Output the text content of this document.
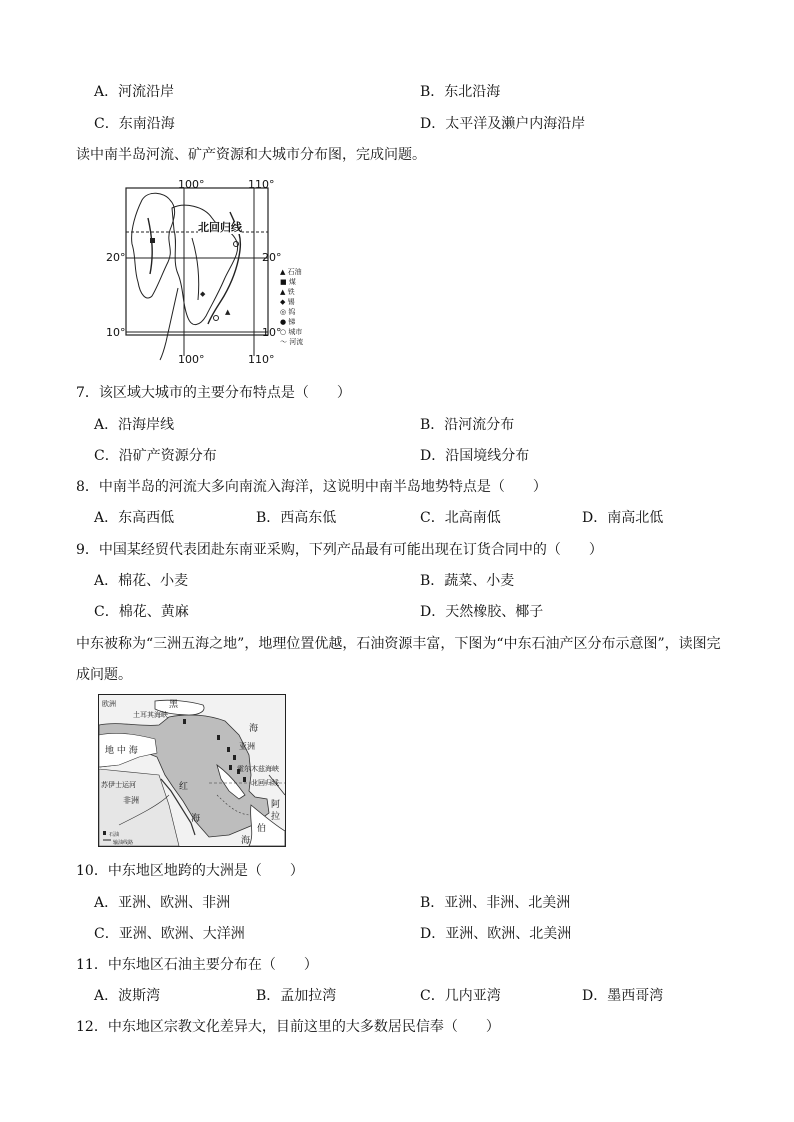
A．河流沿岸	B．东北沿海
C．东南沿海	D．太平洋及濑户内海沿岸
读中南半岛河流、矿产资源和大城市分布图，完成问题。
▲
◆
100°	110°
北回归线
20°	20°
10°	10°
100°	110°
▲ 石油
■ 煤
▲ 铁
◆ 锡
◎ 钨
● 锑
○ 城市
〜 河流
7．该区域大城市的主要分布特点是（　　）
A．沿海岸线	B．沿河流分布
C．沿矿产资源分布	D．沿国境线分布
8．中南半岛的河流大多向南流入海洋，这说明中南半岛地势特点是（　　）
A．东高西低	B．西高东低	C．北高南低	D．南高北低
9．中国某经贸代表团赴东南亚采购，下列产品最有可能出现在订货合同中的（　　）
A．棉花、小麦	B．蔬菜、小麦
C．棉花、黄麻	D．天然橡胶、椰子
中东被称为“三洲五海之地”，地理位置优越，石油资源丰富，下图为“中东石油产区分布示意图”，读图完
成问题。
欧洲
土耳其海峡
黑
海
地 中 海
苏伊士运河	红
海
非洲
亚洲
霍尔木兹海峡
北回归线
阿
拉
伯
海
石油
输油线路
10．中东地区地跨的大洲是（　　）
A．亚洲、欧洲、非洲	B．亚洲、非洲、北美洲
C．亚洲、欧洲、大洋洲	D．亚洲、欧洲、北美洲
11．中东地区石油主要分布在（　　）
A．波斯湾	B．孟加拉湾	C．几内亚湾	D．墨西哥湾
12．中东地区宗教文化差异大，目前这里的大多数居民信奉（　　）
